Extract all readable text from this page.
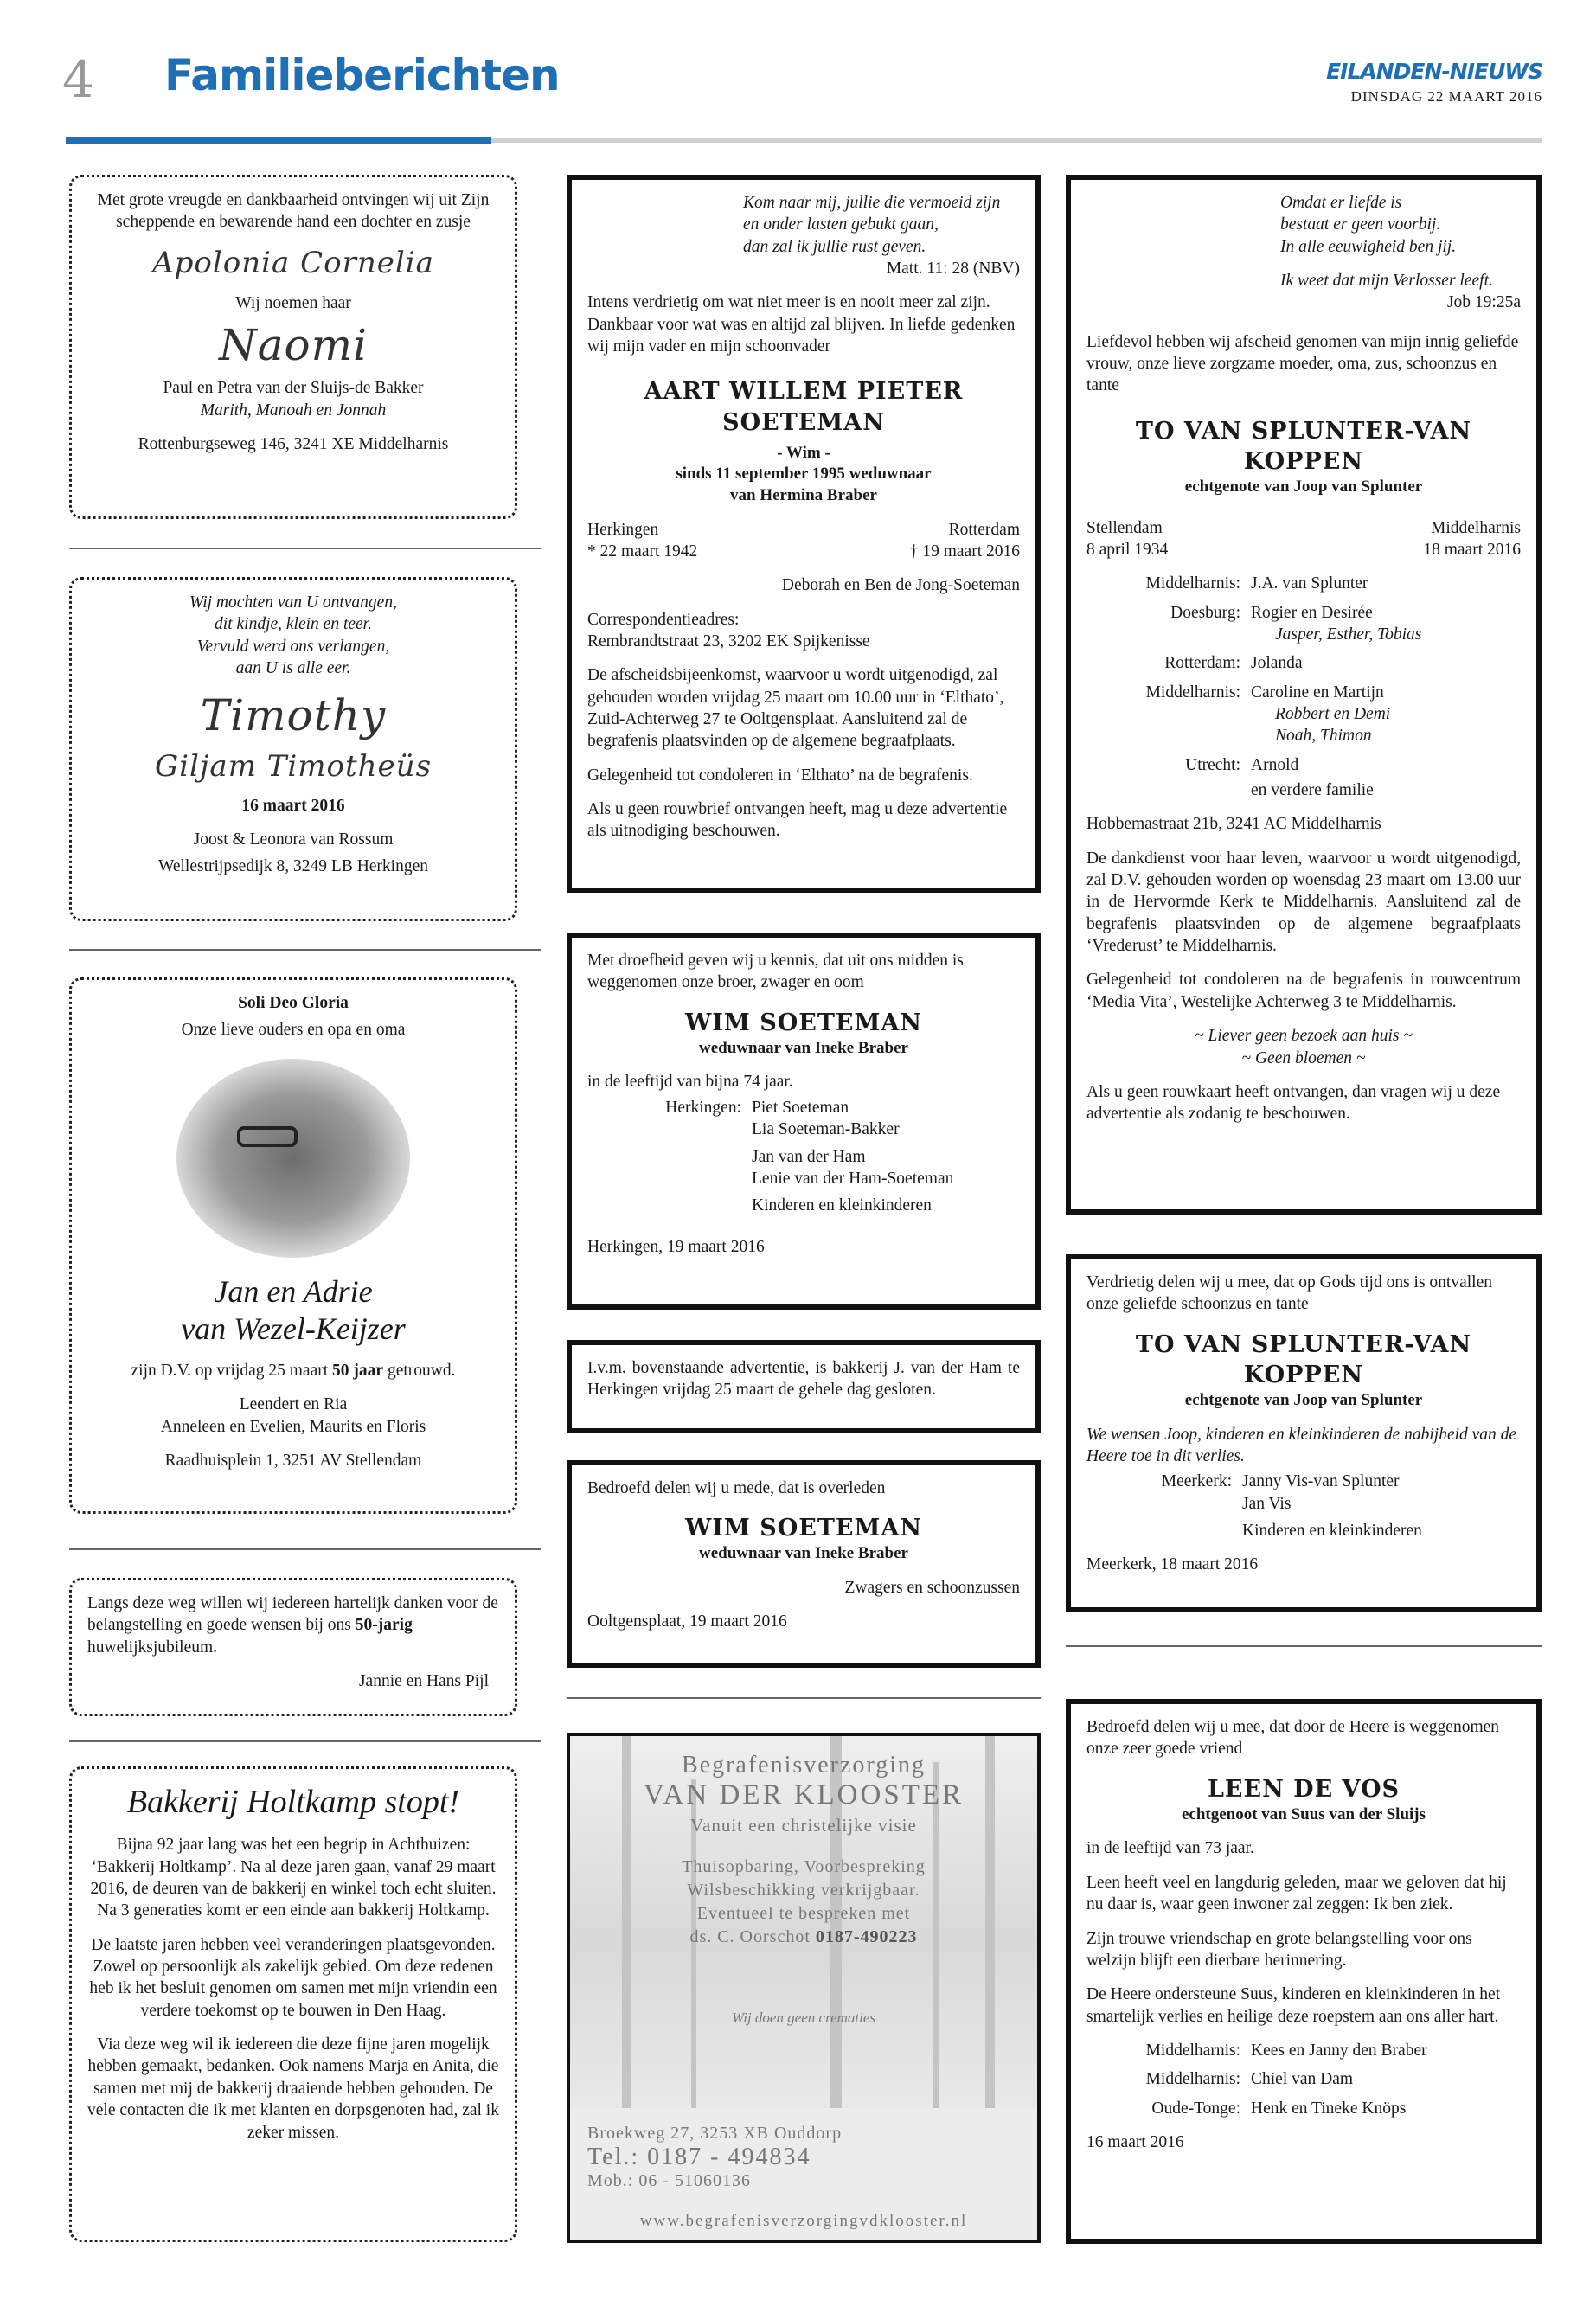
4 Familieberichten	EILANDEN-NIEUWS
DINSDAG 22 MAART 2016
Met grote vreugde en dankbaarheid ontvingen wij uit Zijn scheppende en bewarende hand een dochter en zusje
Apolonia Cornelia
Wij noemen haar
Naomi
Paul en Petra van der Sluijs-de Bakker
Marith, Manoah en Jonnah
Rottenburgseweg 146, 3241 XE Middelharnis
Wij mochten van U ontvangen,
dit kindje, klein en teer.
Vervuld werd ons verlangen,
aan U is alle eer.
Timothy
Giljam Timotheüs
16 maart 2016
Joost & Leonora van Rossum
Wellestrijpsedijk 8, 3249 LB Herkingen
Soli Deo Gloria
Onze lieve ouders en opa en oma
Jan en Adrie
van Wezel-Keijzer
zijn D.V. op vrijdag 25 maart 50 jaar getrouwd.
Leendert en Ria
Anneleen en Evelien, Maurits en Floris
Raadhuisplein 1, 3251 AV Stellendam
Langs deze weg willen wij iedereen hartelijk danken voor de belangstelling en goede wensen bij ons 50-jarig huwelijksjubileum.
Jannie en Hans Pijl
Bakkerij Holtkamp stopt!
Bijna 92 jaar lang was het een begrip in Achthuizen: ‘Bakkerij Holtkamp’. Na al deze jaren gaan, vanaf 29 maart 2016, de deuren van de bakkerij en winkel toch echt sluiten. Na 3 generaties komt er een einde aan bakkerij Holtkamp.
De laatste jaren hebben veel veranderingen plaatsgevonden. Zowel op persoonlijk als zakelijk gebied. Om deze redenen heb ik het besluit genomen om samen met mijn vriendin een verdere toekomst op te bouwen in Den Haag.
Via deze weg wil ik iedereen die deze fijne jaren mogelijk hebben gemaakt, bedanken. Ook namens Marja en Anita, die samen met mij de bakkerij draaiende hebben gehouden. De vele contacten die ik met klanten en dorpsgenoten had, zal ik zeker missen.
Kom naar mij, jullie die vermoeid zijn
en onder lasten gebukt gaan,
dan zal ik jullie rust geven.
Matt. 11: 28 (NBV)
Intens verdrietig om wat niet meer is en nooit meer zal zijn. Dankbaar voor wat was en altijd zal blijven. In liefde gedenken wij mijn vader en mijn schoonvader
AART WILLEM PIETER SOETEMAN
- Wim -
sinds 11 september 1995 weduwnaar
van Hermina Braber
Herkingen
* 22 maart 1942
Rotterdam
† 19 maart 2016
Deborah en Ben de Jong-Soeteman
Correspondentieadres:
Rembrandtstraat 23, 3202 EK Spijkenisse
De afscheidsbijeenkomst, waarvoor u wordt uitgenodigd, zal gehouden worden vrijdag 25 maart om 10.00 uur in ‘Elthato’, Zuid-Achterweg 27 te Ooltgensplaat. Aansluitend zal de begrafenis plaatsvinden op de algemene begraafplaats.
Gelegenheid tot condoleren in ‘Elthato’ na de begrafenis.
Als u geen rouwbrief ontvangen heeft, mag u deze advertentie als uitnodiging beschouwen.
Met droefheid geven wij u kennis, dat uit ons midden is weggenomen onze broer, zwager en oom
WIM SOETEMAN
weduwnaar van Ineke Braber
in de leeftijd van bijna 74 jaar.
Herkingen: Piet Soeteman
Lia Soeteman-Bakker
Jan van der Ham
Lenie van der Ham-Soeteman
Kinderen en kleinkinderen
Herkingen, 19 maart 2016
I.v.m. bovenstaande advertentie, is bakkerij J. van der Ham te Herkingen vrijdag 25 maart de gehele dag gesloten.
Bedroefd delen wij u mede, dat is overleden
WIM SOETEMAN
weduwnaar van Ineke Braber
Zwagers en schoonzussen
Ooltgensplaat, 19 maart 2016
Begrafenisverzorging
VAN DER KLOOSTER
Vanuit een christelijke visie
Thuisopbaring, Voorbespreking
Wilsbeschikking verkrijgbaar.
Eventueel te bespreken met
ds. C. Oorschot 0187-490223
Wij doen geen crematies
Broekweg 27, 3253 XB Ouddorp
Tel.: 0187 - 494834
Mob.: 06 - 51060136
www.begrafenisverzorgingvdklooster.nl
Omdat er liefde is
bestaat er geen voorbij.
In alle eeuwigheid ben jij.
Ik weet dat mijn Verlosser leeft.
Job 19:25a
Liefdevol hebben wij afscheid genomen van mijn innig geliefde vrouw, onze lieve zorgzame moeder, oma, zus, schoonzus en tante
TO VAN SPLUNTER-VAN KOPPEN
echtgenote van Joop van Splunter
Stellendam
8 april 1934
Middelharnis
18 maart 2016
Middelharnis: J.A. van Splunter
Doesburg: Rogier en Desirée
Jasper, Esther, Tobias
Rotterdam: Jolanda
Middelharnis: Caroline en Martijn
Robbert en Demi
Noah, Thimon
Utrecht: Arnold
en verdere familie
Hobbemastraat 21b, 3241 AC Middelharnis
De dankdienst voor haar leven, waarvoor u wordt uitgenodigd, zal D.V. gehouden worden op woensdag 23 maart om 13.00 uur in de Hervormde Kerk te Middelharnis. Aansluitend zal de begrafenis plaatsvinden op de algemene begraafplaats ‘Vrederust’ te Middelharnis.
Gelegenheid tot condoleren na de begrafenis in rouwcentrum ‘Media Vita’, Westelijke Achterweg 3 te Middelharnis.
~ Liever geen bezoek aan huis ~
~ Geen bloemen ~
Als u geen rouwkaart heeft ontvangen, dan vragen wij u deze advertentie als zodanig te beschouwen.
Verdrietig delen wij u mee, dat op Gods tijd ons is ontvallen onze geliefde schoonzus en tante
TO VAN SPLUNTER-VAN KOPPEN
echtgenote van Joop van Splunter
We wensen Joop, kinderen en kleinkinderen de nabijheid van de Heere toe in dit verlies.
Meerkerk: Janny Vis-van Splunter
Jan Vis
Kinderen en kleinkinderen
Meerkerk, 18 maart 2016
Bedroefd delen wij u mee, dat door de Heere is weggenomen onze zeer goede vriend
LEEN DE VOS
echtgenoot van Suus van der Sluijs
in de leeftijd van 73 jaar.
Leen heeft veel en langdurig geleden, maar we geloven dat hij nu daar is, waar geen inwoner zal zeggen: Ik ben ziek.
Zijn trouwe vriendschap en grote belangstelling voor ons welzijn blijft een dierbare herinnering.
De Heere ondersteune Suus, kinderen en kleinkinderen in het smartelijk verlies en heilige deze roepstem aan ons aller hart.
Middelharnis: Kees en Janny den Braber
Middelharnis: Chiel van Dam
Oude-Tonge: Henk en Tineke Knöps
16 maart 2016
